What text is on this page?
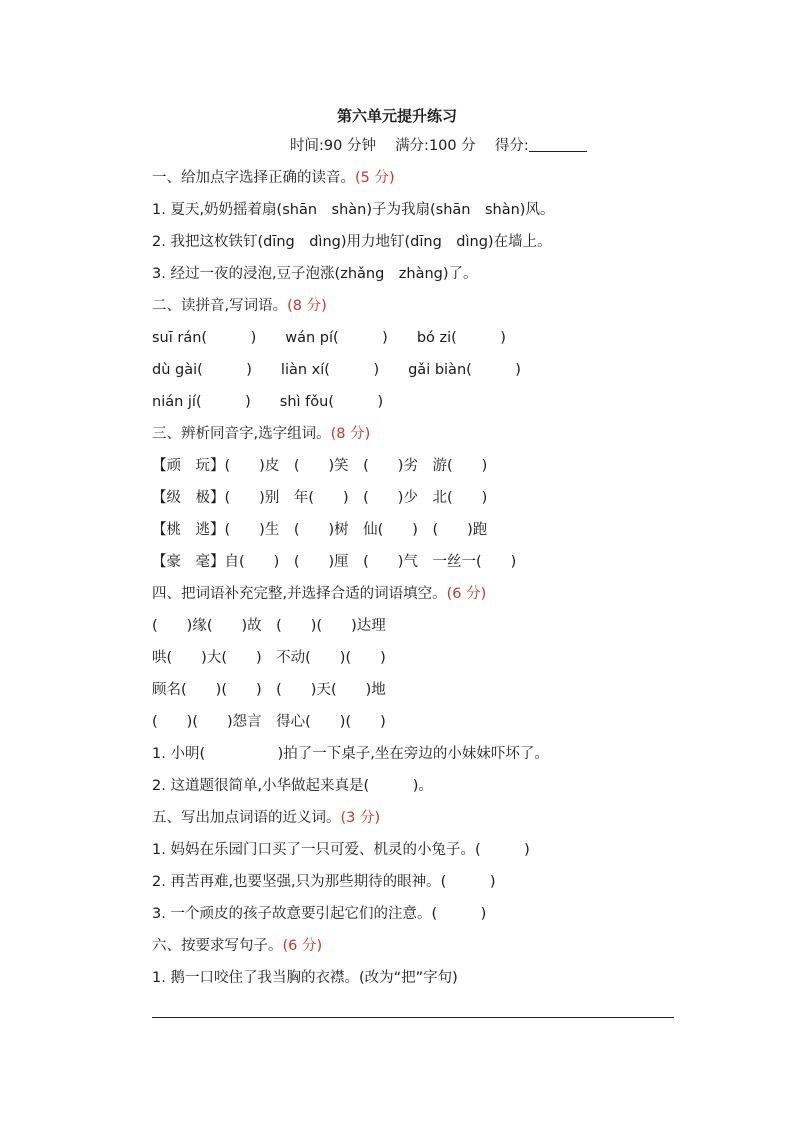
第六单元提升练习
时间:90 分钟　 满分:100 分　 得分:
一、给加点字选择正确的读音。(5 分)
1. 夏天,奶奶摇着扇(shān　shàn)子为我扇(shān　shàn)风。
2. 我把这枚铁钉(dīng　dìng)用力地钉(dīng　dìng)在墙上。
3. 经过一夜的浸泡,豆子泡涨(zhǎng　zhàng)了。
二、读拼音,写词语。(8 分)
suī rán(　　　)　　wán pí(　　　)　　bó zi(　　　)
dù gài(　　　)　　liàn xí(　　　)　　gǎi biàn(　　　)
nián jí(　　　)　　shì fǒu(　　　)
三、辨析同音字,选字组词。(8 分)
【顽　玩】(　　)皮　(　　)笑　(　　)劣　游(　　)
【级　极】(　　)别　年(　　)　(　　)少　北(　　)
【桃　逃】(　　)生　(　　)树　仙(　　)　(　　)跑
【豪　毫】自(　　)　(　　)厘　(　　)气　一丝一(　　)
四、把词语补充完整,并选择合适的词语填空。(6 分)
(　　)缘(　　)故　(　　)(　　)达理
哄(　　)大(　　)　不动(　　)(　　)
顾名(　　)(　　)　(　　)天(　　)地
(　　)(　　)怨言　得心(　　)(　　)
1. 小明(　　　　　)拍了一下桌子,坐在旁边的小妹妹吓坏了。
2. 这道题很简单,小华做起来真是(　　　)。
五、写出加点词语的近义词。(3 分)
1. 妈妈在乐园门口买了一只可爱、机灵的小兔子。(　　　)
2. 再苦再难,也要坚强,只为那些期待的眼神。(　　　)
3. 一个顽皮的孩子故意要引起它们的注意。(　　　)
六、按要求写句子。(6 分)
1. 鹅一口咬住了我当胸的衣襟。(改为“把”字句)
